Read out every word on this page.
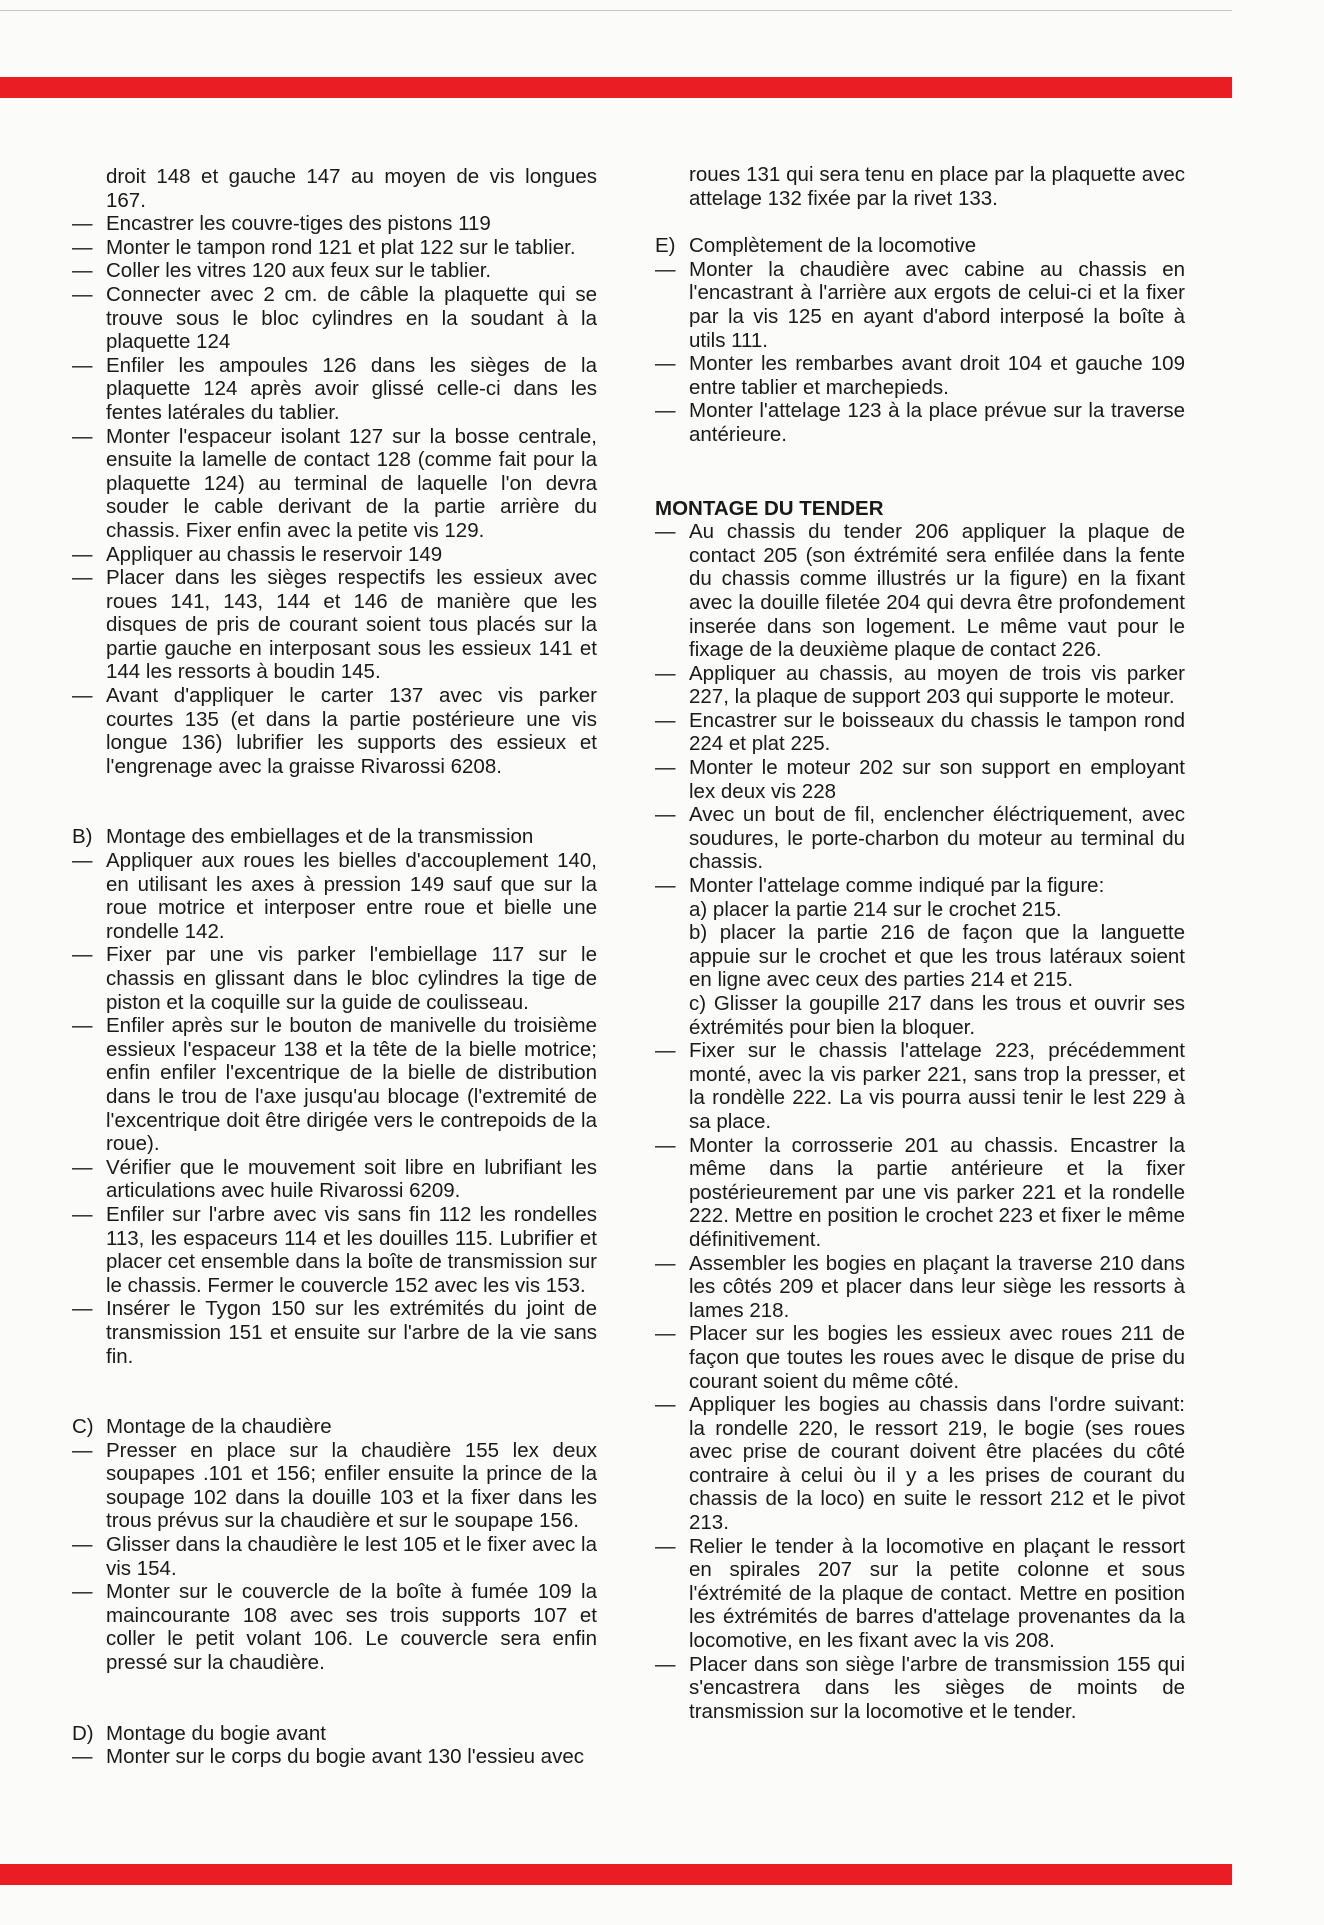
droit 148 et gauche 147 au moyen de vis longues 167.

— Encastrer les couvre-tiges des pistons 119

— Monter le tampon rond 121 et plat 122 sur le tablier.

— Coller les vitres 120 aux feux sur le tablier.

— Connecter avec 2 cm. de câble la plaquette qui se trouve sous le bloc cylindres en la soudant à la plaquette 124

— Enfiler les ampoules 126 dans les sièges de la plaquette 124 après avoir glissé celle-ci dans les fentes latérales du tablier.

— Monter l'espaceur isolant 127 sur la bosse centrale, ensuite la lamelle de contact 128 (comme fait pour la plaquette 124) au terminal de laquelle l'on devra souder le cable derivant de la partie arrière du chassis. Fixer enfin avec la petite vis 129.

— Appliquer au chassis le reservoir 149

— Placer dans les sièges respectifs les essieux avec roues 141, 143, 144 et 146 de manière que les disques de pris de courant soient tous placés sur la partie gauche en interposant sous les essieux 141 et 144 les ressorts à boudin 145.

— Avant d'appliquer le carter 137 avec vis parker courtes 135 (et dans la partie postérieure une vis longue 136) lubrifier les supports des essieux et l'engrenage avec la graisse Rivarossi 6208.

B) Montage des embiellages et de la transmission

— Appliquer aux roues les bielles d'accouplement 140, en utilisant les axes à pression 149 sauf que sur la roue motrice et interposer entre roue et bielle une rondelle 142.

— Fixer par une vis parker l'embiellage 117 sur le chassis en glissant dans le bloc cylindres la tige de piston et la coquille sur la guide de coulisseau.

— Enfiler après sur le bouton de manivelle du troisième essieux l'espaceur 138 et la tête de la bielle motrice; enfin enfiler l'excentrique de la bielle de distribution dans le trou de l'axe jusqu'au blocage (l'extremité de l'excentrique doit être dirigée vers le contrepoids de la roue).

— Vérifier que le mouvement soit libre en lubrifiant les articulations avec huile Rivarossi 6209.

— Enfiler sur l'arbre avec vis sans fin 112 les rondelles 113, les espaceurs 114 et les douilles 115. Lubrifier et placer cet ensemble dans la boîte de transmission sur le chassis. Fermer le couvercle 152 avec les vis 153.

— Insérer le Tygon 150 sur les extrémités du joint de transmission 151 et ensuite sur l'arbre de la vie sans fin.

C) Montage de la chaudière

— Presser en place sur la chaudière 155 lex deux soupapes .101 et 156; enfiler ensuite la prince de la soupage 102 dans la douille 103 et la fixer dans les trous prévus sur la chaudière et sur le soupape 156.

— Glisser dans la chaudière le lest 105 et le fixer avec la vis 154.

— Monter sur le couvercle de la boîte à fumée 109 la maincourante 108 avec ses trois supports 107 et coller le petit volant 106. Le couvercle sera enfin pressé sur la chaudière.

D) Montage du bogie avant

— Monter sur le corps du bogie avant 130 l'essieu avec

roues 131 qui sera tenu en place par la plaquette avec attelage 132 fixée par la rivet 133.

E) Complètement de la locomotive

— Monter la chaudière avec cabine au chassis en l'encastrant à l'arrière aux ergots de celui-ci et la fixer par la vis 125 en ayant d'abord interposé la boîte à utils 111.

— Monter les rembarbes avant droit 104 et gauche 109 entre tablier et marchepieds.

— Monter l'attelage 123 à la place prévue sur la traverse antérieure.

MONTAGE DU TENDER

— Au chassis du tender 206 appliquer la plaque de contact 205 (son éxtrémité sera enfilée dans la fente du chassis comme illustrés ur la figure) en la fixant avec la douille filetée 204 qui devra être profondement inserée dans son logement. Le même vaut pour le fixage de la deuxième plaque de contact 226.

— Appliquer au chassis, au moyen de trois vis parker 227, la plaque de support 203 qui supporte le moteur.

— Encastrer sur le boisseaux du chassis le tampon rond 224 et plat 225.

— Monter le moteur 202 sur son support en employant lex deux vis 228

— Avec un bout de fil, enclencher éléctriquement, avec soudures, le porte-charbon du moteur au terminal du chassis.

— Monter l'attelage comme indiqué par la figure:
a) placer la partie 214 sur le crochet 215.
b) placer la partie 216 de façon que la languette appuie sur le crochet et que les trous latéraux soient en ligne avec ceux des parties 214 et 215.
c) Glisser la goupille 217 dans les trous et ouvrir ses éxtrémités pour bien la bloquer.

— Fixer sur le chassis l'attelage 223, précédemment monté, avec la vis parker 221, sans trop la presser, et la rondèlle 222. La vis pourra aussi tenir le lest 229 à sa place.

— Monter la corrosserie 201 au chassis. Encastrer la même dans la partie antérieure et la fixer postérieurement par une vis parker 221 et la rondelle 222. Mettre en position le crochet 223 et fixer le même définitivement.

— Assembler les bogies en plaçant la traverse 210 dans les côtés 209 et placer dans leur siège les ressorts à lames 218.

— Placer sur les bogies les essieux avec roues 211 de façon que toutes les roues avec le disque de prise du courant soient du même côté.

— Appliquer les bogies au chassis dans l'ordre suivant: la rondelle 220, le ressort 219, le bogie (ses roues avec prise de courant doivent être placées du côté contraire à celui òu il y a les prises de courant du chassis de la loco) en suite le ressort 212 et le pivot 213.

— Relier le tender à la locomotive en plaçant le ressort en spirales 207 sur la petite colonne et sous l'éxtrémité de la plaque de contact. Mettre en position les éxtrémités de barres d'attelage provenantes da la locomotive, en les fixant avec la vis 208.

— Placer dans son siège l'arbre de transmission 155 qui s'encastrera dans les sièges de moints de transmission sur la locomotive et le tender.
